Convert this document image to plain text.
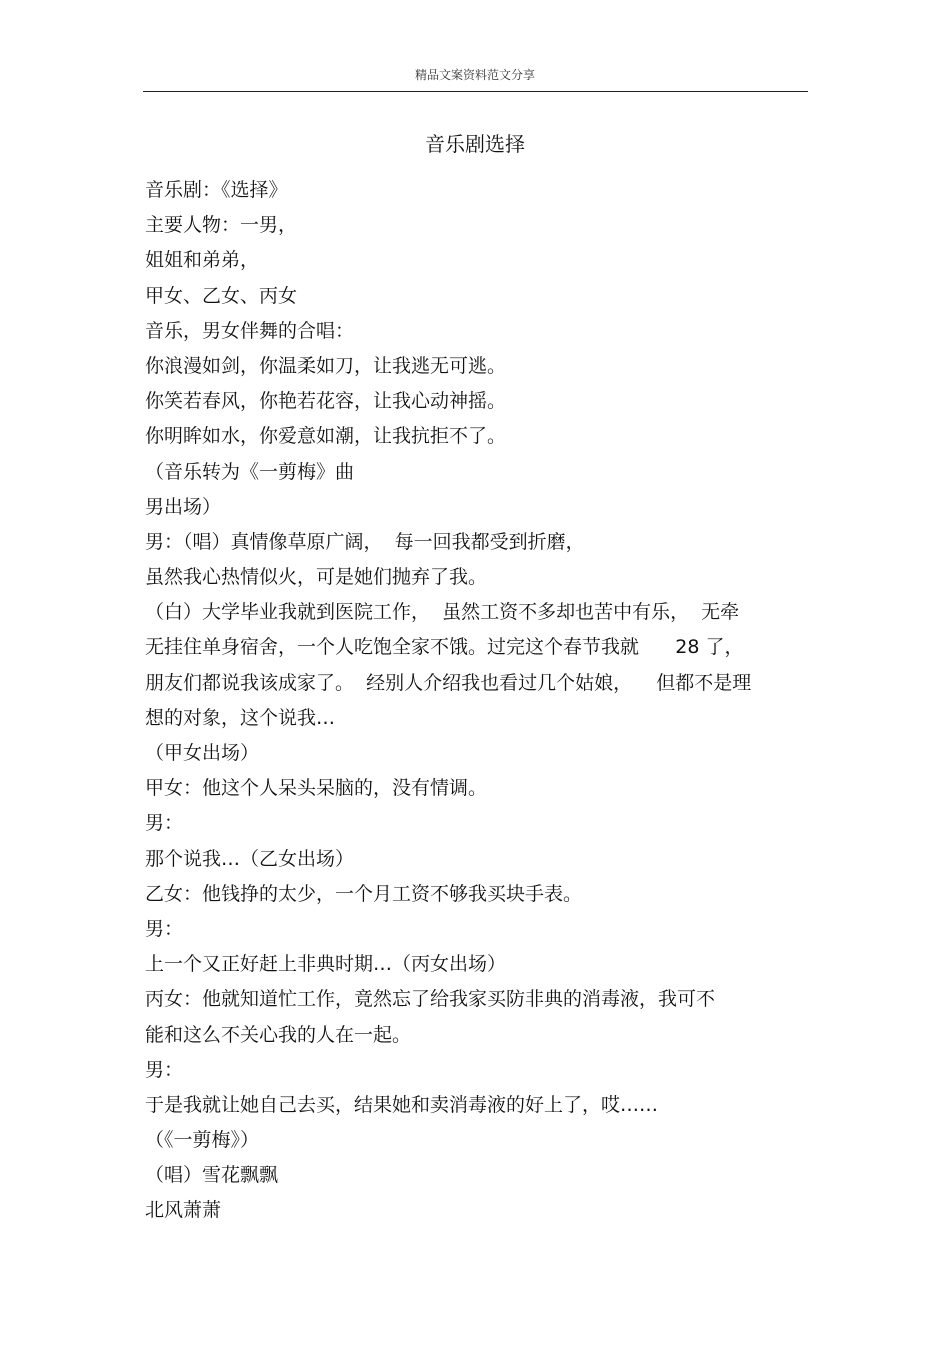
精品文案资料范文分享
音乐剧选择
音乐剧：《选择》
主要人物：一男，
姐姐和弟弟，
甲女、乙女、丙女
音乐，男女伴舞的合唱：
你浪漫如剑，你温柔如刀，让我逃无可逃。
你笑若春风，你艳若花容，让我心动神摇。
你明眸如水，你爱意如潮，让我抗拒不了。
（音乐转为《一剪梅》曲
男出场）
男：（唱）真情像草原广阔，  每一回我都受到折磨，
虽然我心热情似火，可是她们抛弃了我。
（白）大学毕业我就到医院工作，  虽然工资不多却也苦中有乐，  无牵
无挂住单身宿舍，一个人吃饱全家不饿。过完这个春节我就      28 了，
朋友们都说我该成家了。  经别人介绍我也看过几个姑娘，    但都不是理
想的对象，这个说我…
（甲女出场）
甲女：他这个人呆头呆脑的，没有情调。
男：
那个说我…（乙女出场）
乙女：他钱挣的太少，一个月工资不够我买块手表。
男：
上一个又正好赶上非典时期…（丙女出场）
丙女：他就知道忙工作，竟然忘了给我家买防非典的消毒液，我可不
能和这么不关心我的人在一起。
男：
于是我就让她自己去买，结果她和卖消毒液的好上了，哎……
（《一剪梅》）
（唱）雪花飘飘
北风萧萧
